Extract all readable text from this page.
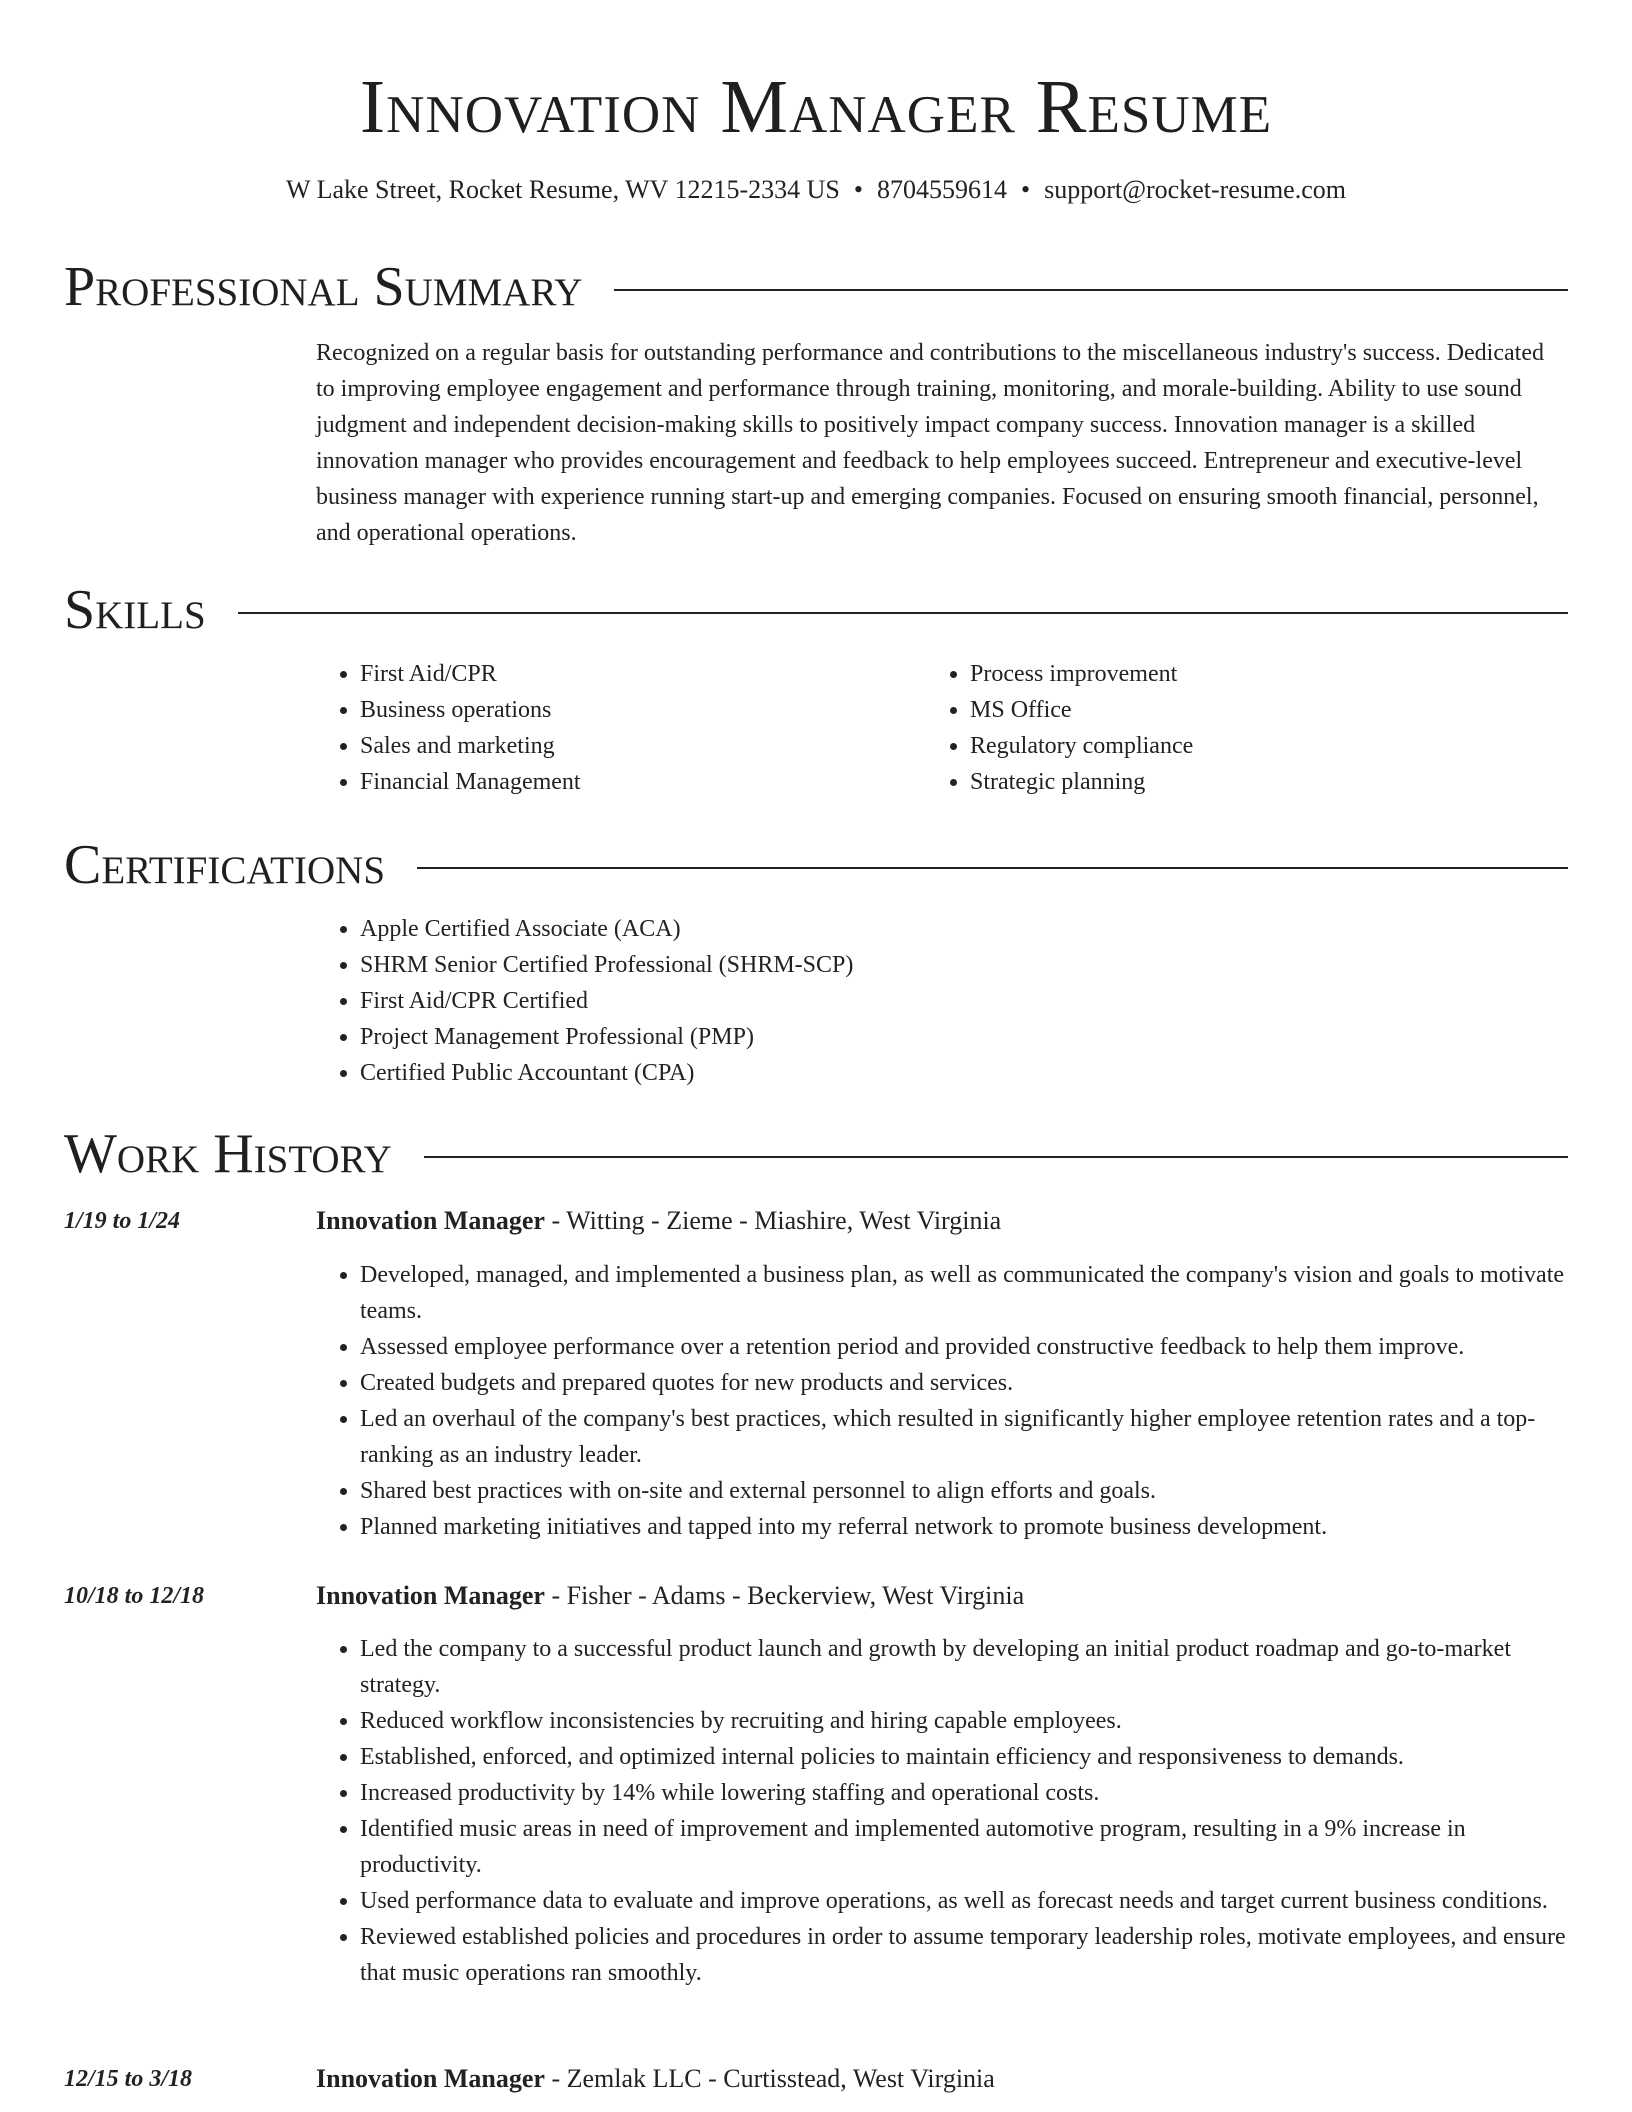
Innovation Manager Resume
W Lake Street, Rocket Resume, WV 12215-2334 US • 8704559614 • support@rocket-resume.com
Professional Summary
Recognized on a regular basis for outstanding performance and contributions to the miscellaneous industry's success. Dedicated to improving employee engagement and performance through training, monitoring, and morale-building. Ability to use sound judgment and independent decision-making skills to positively impact company success. Innovation manager is a skilled innovation manager who provides encouragement and feedback to help employees succeed. Entrepreneur and executive-level business manager with experience running start-up and emerging companies. Focused on ensuring smooth financial, personnel, and operational operations.
Skills
• First Aid/CPR
• Business operations
• Sales and marketing
• Financial Management
• Process improvement
• MS Office
• Regulatory compliance
• Strategic planning
Certifications
• Apple Certified Associate (ACA)
• SHRM Senior Certified Professional (SHRM-SCP)
• First Aid/CPR Certified
• Project Management Professional (PMP)
• Certified Public Accountant (CPA)
Work History
1/19 to 1/24	Innovation Manager - Witting - Zieme - Miashire, West Virginia
• Developed, managed, and implemented a business plan, as well as communicated the company's vision and goals to motivate teams.
• Assessed employee performance over a retention period and provided constructive feedback to help them improve.
• Created budgets and prepared quotes for new products and services.
• Led an overhaul of the company's best practices, which resulted in significantly higher employee retention rates and a top-ranking as an industry leader.
• Shared best practices with on-site and external personnel to align efforts and goals.
• Planned marketing initiatives and tapped into my referral network to promote business development.
10/18 to 12/18	Innovation Manager - Fisher - Adams - Beckerview, West Virginia
• Led the company to a successful product launch and growth by developing an initial product roadmap and go-to-market strategy.
• Reduced workflow inconsistencies by recruiting and hiring capable employees.
• Established, enforced, and optimized internal policies to maintain efficiency and responsiveness to demands.
• Increased productivity by 14% while lowering staffing and operational costs.
• Identified music areas in need of improvement and implemented automotive program, resulting in a 9% increase in productivity.
• Used performance data to evaluate and improve operations, as well as forecast needs and target current business conditions.
• Reviewed established policies and procedures in order to assume temporary leadership roles, motivate employees, and ensure that music operations ran smoothly.
12/15 to 3/18	Innovation Manager - Zemlak LLC - Curtisstead, West Virginia
